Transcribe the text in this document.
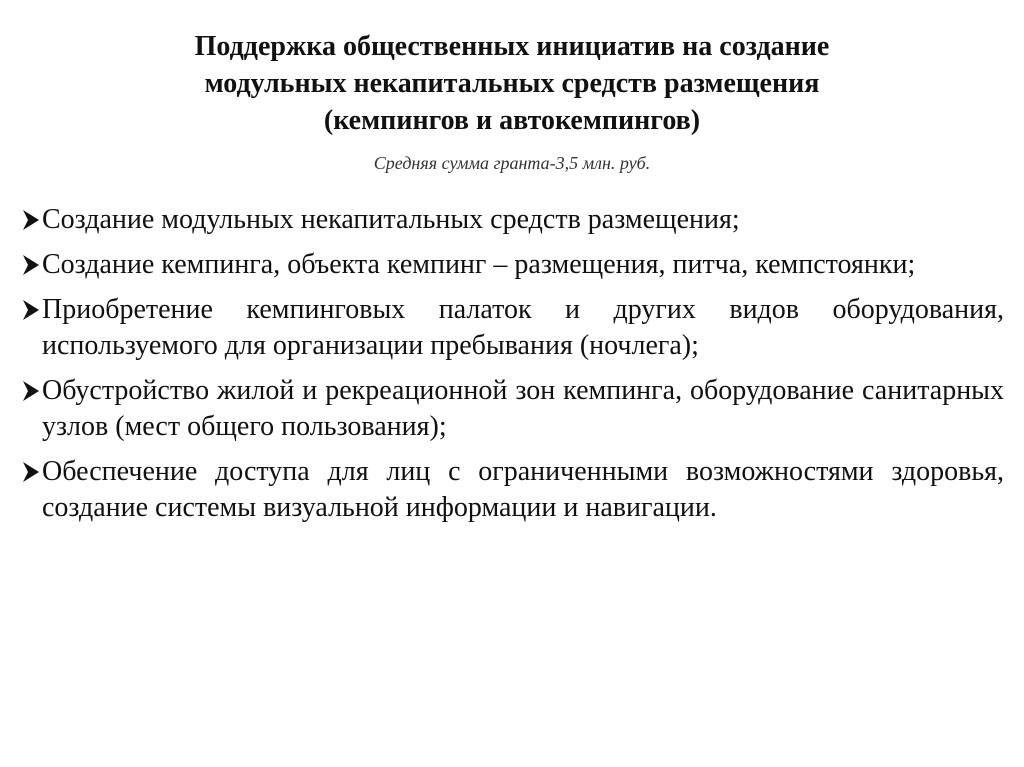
Поддержка общественных инициатив на создание
модульных некапитальных средств размещения
(кемпингов и автокемпингов)
Средняя сумма гранта-3,5 млн. руб.
Создание модульных некапитальных средств размещения;
Создание кемпинга, объекта кемпинг – размещения, питча, кемпстоянки;
Приобретение кемпинговых палаток и других видов оборудования, используемого для организации пребывания (ночлега);
Обустройство жилой и рекреационной зон кемпинга, оборудование санитарных узлов (мест общего пользования);
Обеспечение доступа для лиц с ограниченными возможностями здоровья, создание системы визуальной информации и навигации.
